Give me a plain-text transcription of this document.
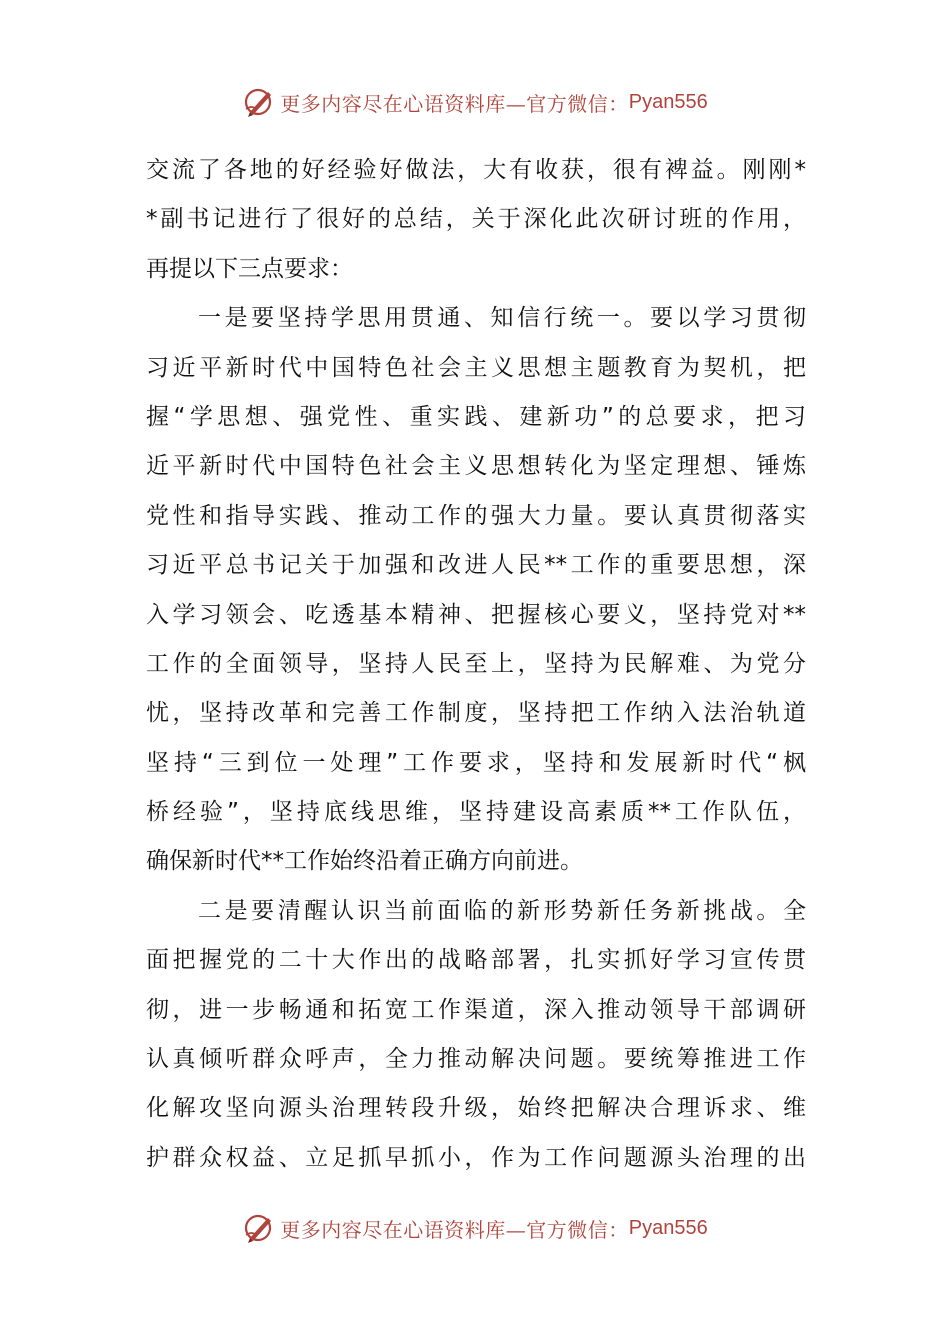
更多内容尽在心语资料库—官方微信： Pyan556
交流了各地的好经验好做法，大有收获，很有裨益。刚刚*
*副书记进行了很好的总结，关于深化此次研讨班的作用，
再提以下三点要求：
一是要坚持学思用贯通、知信行统一。要以学习贯彻
习近平新时代中国特色社会主义思想主题教育为契机，把
握“学思想、强党性、重实践、建新功”的总要求，把习
近平新时代中国特色社会主义思想转化为坚定理想、锤炼
党性和指导实践、推动工作的强大力量。要认真贯彻落实
习近平总书记关于加强和改进人民**工作的重要思想，深
入学习领会、吃透基本精神、把握核心要义，坚持党对**
工作的全面领导，坚持人民至上，坚持为民解难、为党分
忧，坚持改革和完善工作制度，坚持把工作纳入法治轨道
坚持“三到位一处理”工作要求，坚持和发展新时代“枫
桥经验”，坚持底线思维，坚持建设高素质**工作队伍，
确保新时代**工作始终沿着正确方向前进。
二是要清醒认识当前面临的新形势新任务新挑战。全
面把握党的二十大作出的战略部署，扎实抓好学习宣传贯
彻，进一步畅通和拓宽工作渠道，深入推动领导干部调研
认真倾听群众呼声，全力推动解决问题。要统筹推进工作
化解攻坚向源头治理转段升级，始终把解决合理诉求、维
护群众权益、立足抓早抓小，作为工作问题源头治理的出
更多内容尽在心语资料库—官方微信： Pyan556
